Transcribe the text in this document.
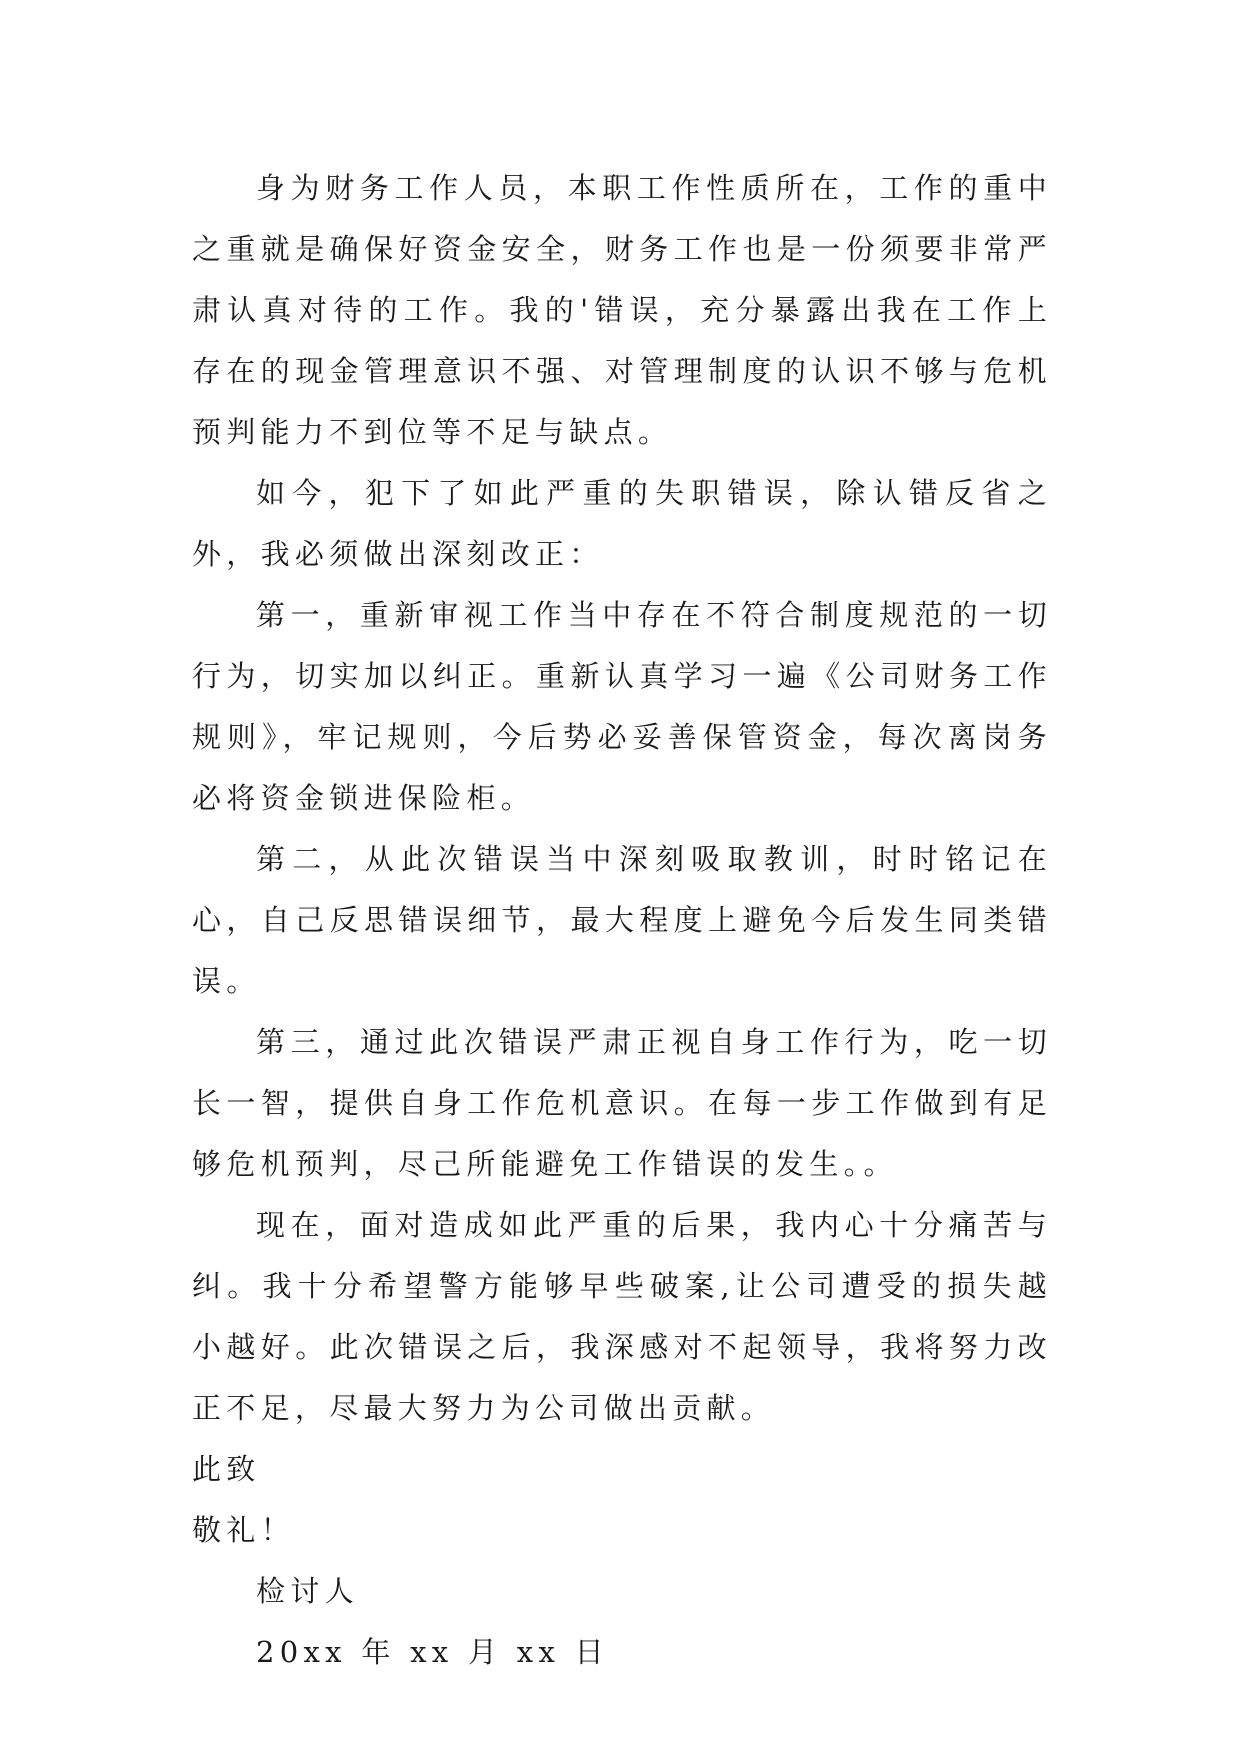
身为财务工作人员，本职工作性质所在，工作的重中之重就是确保好资金安全，财务工作也是一份须要非常严肃认真对待的工作。我的'错误，充分暴露出我在工作上存在的现金管理意识不强、对管理制度的认识不够与危机预判能力不到位等不足与缺点。

如今，犯下了如此严重的失职错误，除认错反省之外，我必须做出深刻改正：

第一，重新审视工作当中存在不符合制度规范的一切行为，切实加以纠正。重新认真学习一遍《公司财务工作规则》，牢记规则，今后势必妥善保管资金，每次离岗务必将资金锁进保险柜。

第二，从此次错误当中深刻吸取教训，时时铭记在心，自己反思错误细节，最大程度上避免今后发生同类错误。

第三，通过此次错误严肃正视自身工作行为，吃一切长一智，提供自身工作危机意识。在每一步工作做到有足够危机预判，尽己所能避免工作错误的发生。。

现在，面对造成如此严重的后果，我内心十分痛苦与纠。我十分希望警方能够早些破案,让公司遭受的损失越小越好。此次错误之后，我深感对不起领导，我将努力改正不足，尽最大努力为公司做出贡献。

此致

敬礼！

检讨人

20xx 年 xx 月 xx 日
